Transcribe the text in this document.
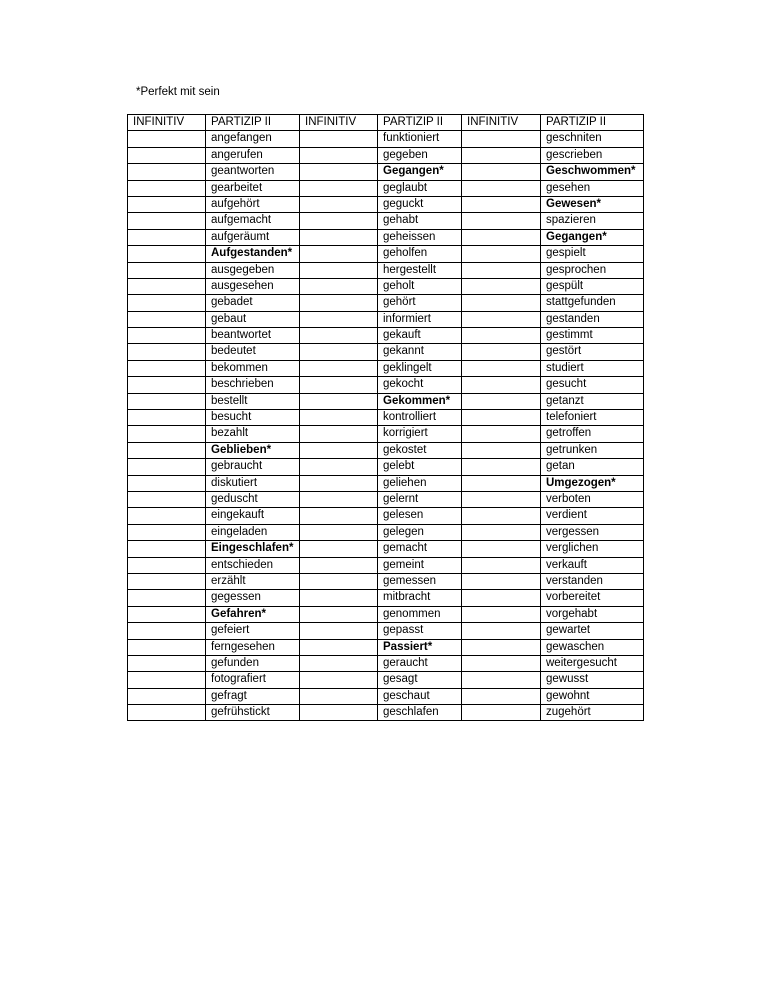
*Perfekt mit sein
INFINITIV	PARTIZIP II	INFINITIV	PARTIZIP II	INFINITIV	PARTIZIP II
	angefangen		funktioniert		geschniten
	angerufen		gegeben		gescrieben
	geantworten		Gegangen*		Geschwommen*
	gearbeitet		geglaubt		gesehen
	aufgehört		geguckt		Gewesen*
	aufgemacht		gehabt		spazieren
	aufgeräumt		geheissen		Gegangen*
	Aufgestanden*		geholfen		gespielt
	ausgegeben		hergestellt		gesprochen
	ausgesehen		geholt		gespült
	gebadet		gehört		stattgefunden
	gebaut		informiert		gestanden
	beantwortet		gekauft		gestimmt
	bedeutet		gekannt		gestört
	bekommen		geklingelt		studiert
	beschrieben		gekocht		gesucht
	bestellt		Gekommen*		getanzt
	besucht		kontrolliert		telefoniert
	bezahlt		korrigiert		getroffen
	Geblieben*		gekostet		getrunken
	gebraucht		gelebt		getan
	diskutiert		geliehen		Umgezogen*
	geduscht		gelernt		verboten
	eingekauft		gelesen		verdient
	eingeladen		gelegen		vergessen
	Eingeschlafen*		gemacht		verglichen
	entschieden		gemeint		verkauft
	erzählt		gemessen		verstanden
	gegessen		mitbracht		vorbereitet
	Gefahren*		genommen		vorgehabt
	gefeiert		gepasst		gewartet
	ferngesehen		Passiert*		gewaschen
	gefunden		geraucht		weitergesucht
	fotografiert		gesagt		gewusst
	gefragt		geschaut		gewohnt
	gefrühstickt		geschlafen		zugehört
